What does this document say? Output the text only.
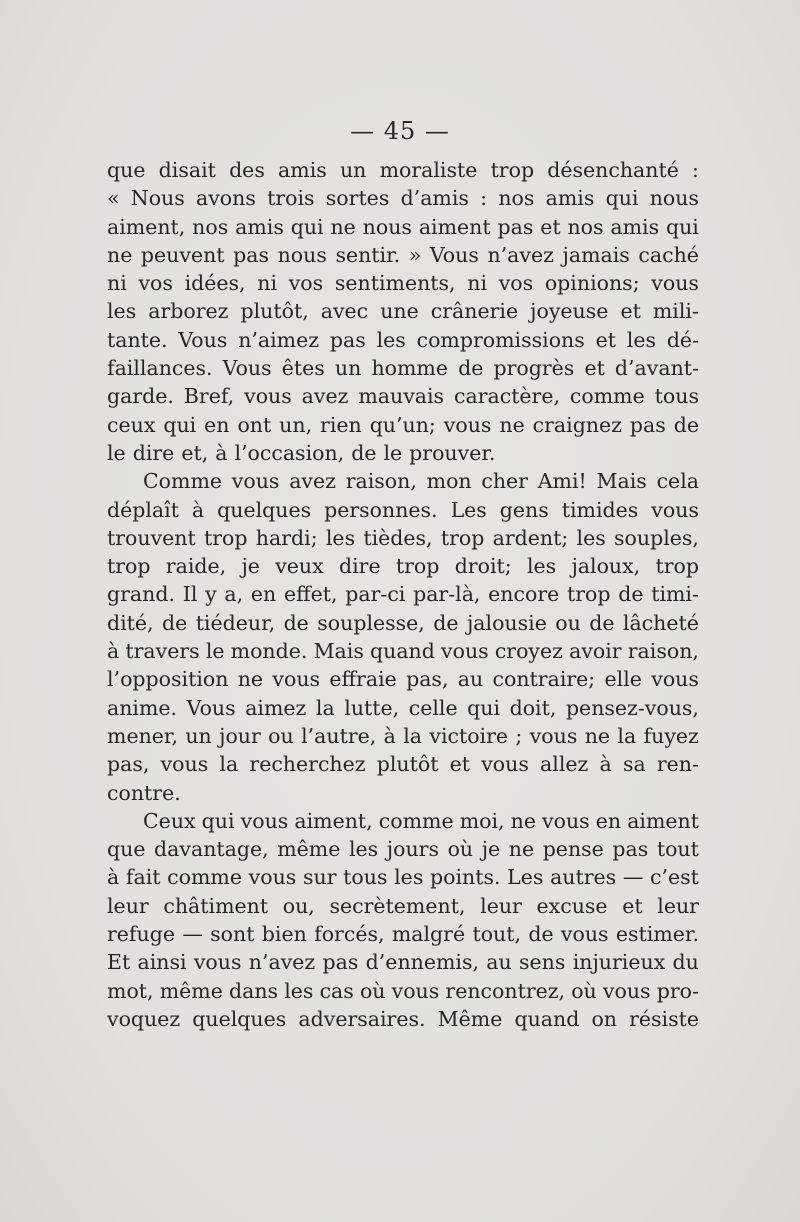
— 45 —
que disait des amis un moraliste trop désenchanté :
« Nous avons trois sortes d’amis : nos amis qui nous
aiment, nos amis qui ne nous aiment pas et nos amis qui
ne peuvent pas nous sentir. » Vous n’avez jamais caché
ni vos idées, ni vos sentiments, ni vos opinions; vous
les arborez plutôt, avec une crânerie joyeuse et mili-
tante. Vous n’aimez pas les compromissions et les dé-
faillances. Vous êtes un homme de progrès et d’avant-
garde. Bref, vous avez mauvais caractère, comme tous
ceux qui en ont un, rien qu’un; vous ne craignez pas de
le dire et, à l’occasion, de le prouver.
Comme vous avez raison, mon cher Ami! Mais cela
déplaît à quelques personnes. Les gens timides vous
trouvent trop hardi; les tièdes, trop ardent; les souples,
trop raide, je veux dire trop droit; les jaloux, trop
grand. Il y a, en effet, par-ci par-là, encore trop de timi-
dité, de tiédeur, de souplesse, de jalousie ou de lâcheté
à travers le monde. Mais quand vous croyez avoir raison,
l’opposition ne vous effraie pas, au contraire; elle vous
anime. Vous aimez la lutte, celle qui doit, pensez-vous,
mener, un jour ou l’autre, à la victoire ; vous ne la fuyez
pas, vous la recherchez plutôt et vous allez à sa ren-
contre.
Ceux qui vous aiment, comme moi, ne vous en aiment
que davantage, même les jours où je ne pense pas tout
à fait comme vous sur tous les points. Les autres — c’est
leur châtiment ou, secrètement, leur excuse et leur
refuge — sont bien forcés, malgré tout, de vous estimer.
Et ainsi vous n’avez pas d’ennemis, au sens injurieux du
mot, même dans les cas où vous rencontrez, où vous pro-
voquez quelques adversaires. Même quand on résiste
